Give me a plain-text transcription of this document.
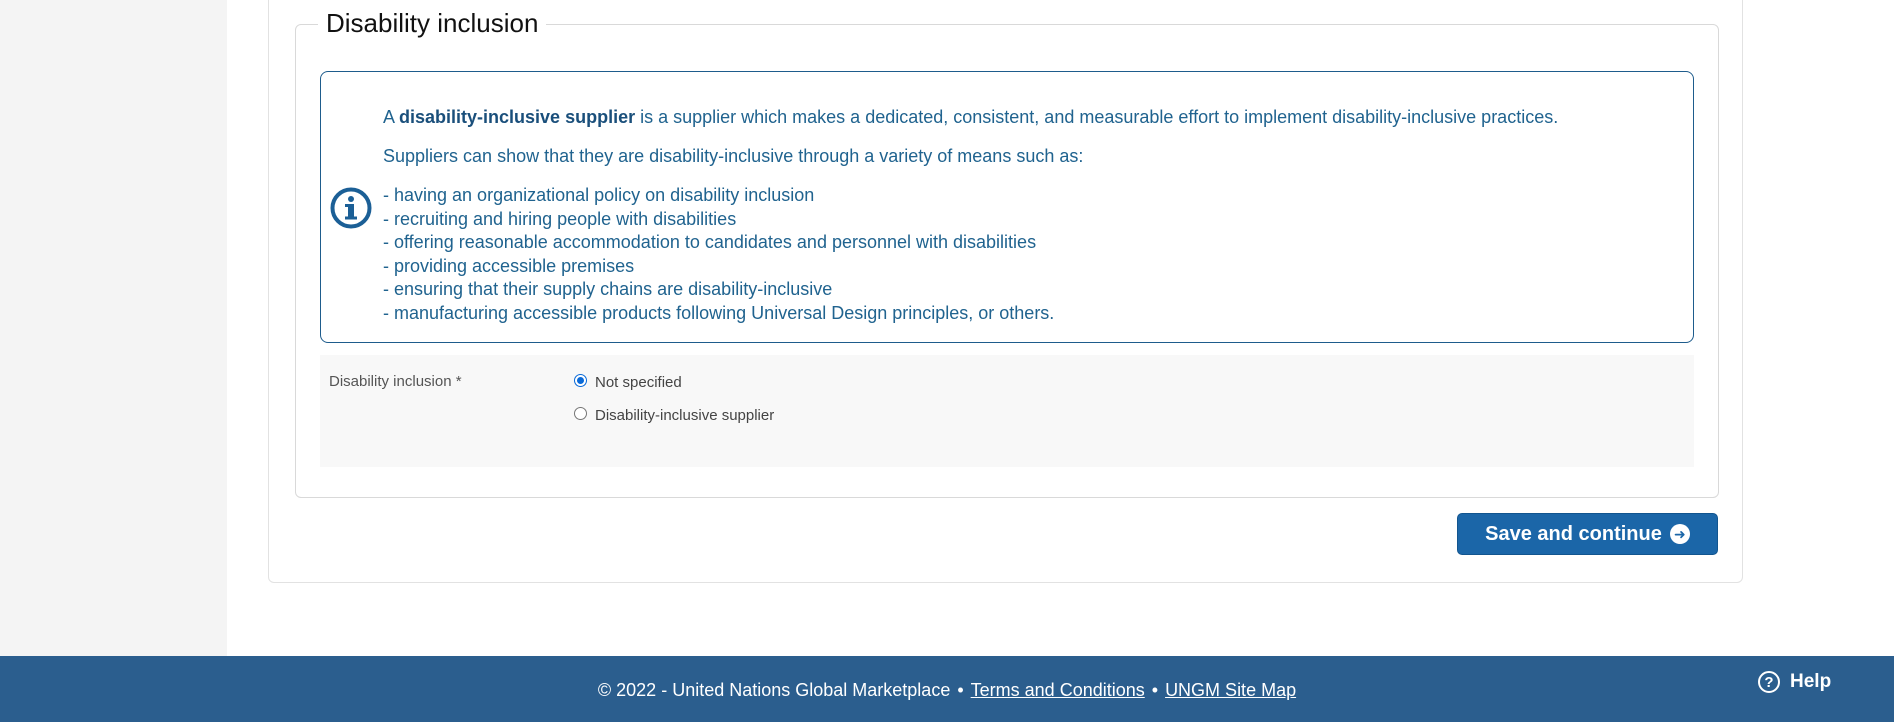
Disability inclusion

A disability-inclusive supplier is a supplier which makes a dedicated, consistent, and measurable effort to implement disability-inclusive practices.

Suppliers can show that they are disability-inclusive through a variety of means such as:

- having an organizational policy on disability inclusion
- recruiting and hiring people with disabilities
- offering reasonable accommodation to candidates and personnel with disabilities
- providing accessible premises
- ensuring that their supply chains are disability-inclusive
- manufacturing accessible products following Universal Design principles, or others.
Disability inclusion *	Not specified
Disability-inclusive supplier
Save and continue ➜
© 2022 - United Nations Global Marketplace • Terms and Conditions • UNGM Site Map	? Help
